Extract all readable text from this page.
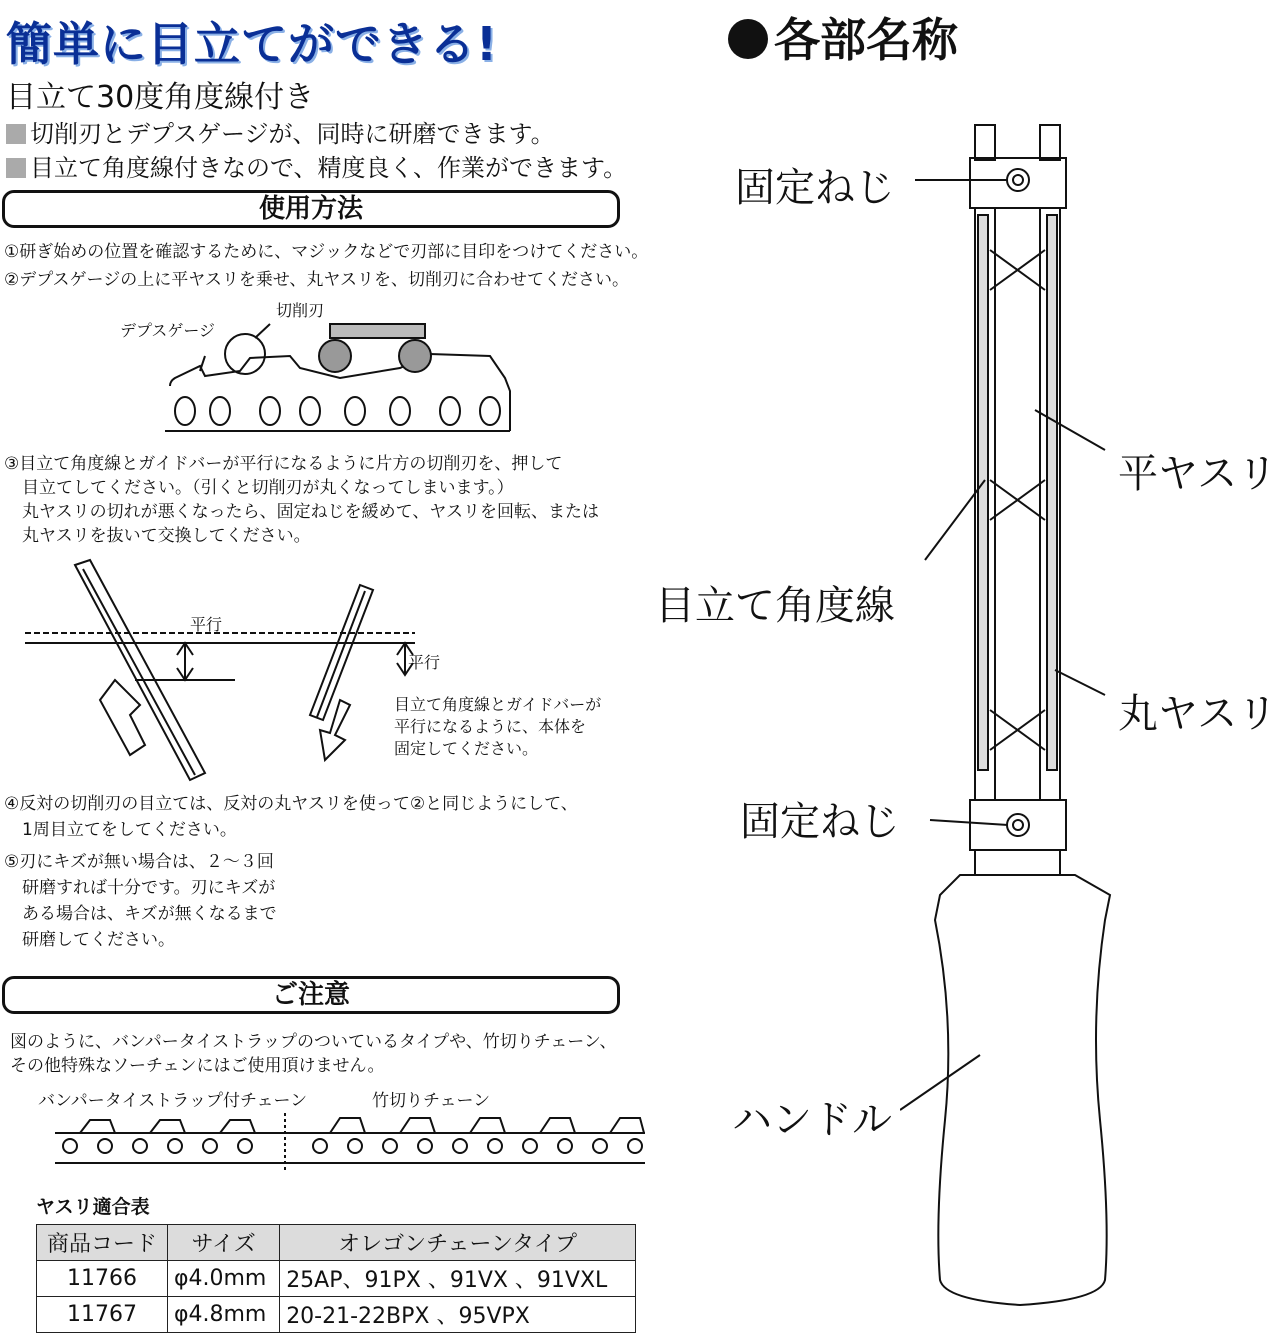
簡単に目立てができる!
目立て30度角度線付き
切削刃とデプスゲージが、同時に研磨できます。
目立て角度線付きなので、精度良く、作業ができます。
使用方法
①研ぎ始めの位置を確認するために、マジックなどで刃部に目印をつけてください。
②デプスゲージの上に平ヤスリを乗せ、丸ヤスリを、切削刃に合わせてください。
デプスゲージ
切削刃
③目立て角度線とガイドバーが平行になるように片方の切削刃を、押して
目立てしてください。（引くと切削刃が丸くなってしまいます。）
丸ヤスリの切れが悪くなったら、固定ねじを緩めて、ヤスリを回転、または
丸ヤスリを抜いて交換してください。
平行
平行
目立て角度線とガイドバーが
平行になるように、本体を
固定してください。
④反対の切削刃の目立ては、反対の丸ヤスリを使って②と同じようにして、
1周目立てをしてください。
⑤刃にキズが無い場合は、２～３回
研磨すれば十分です。刃にキズが
ある場合は、キズが無くなるまで
研磨してください。
ご注意
図のように、バンパータイストラップのついているタイプや、竹切りチェーン、
その他特殊なソーチェンにはご使用頂けません。
バンパータイストラップ付チェーン	竹切りチェーン
ヤスリ適合表
商品コード	サイズ	オレゴンチェーンタイプ
11766	φ4.0mm	25AP、91PX 、91VX 、91VXL
11767	φ4.8mm	20-21-22BPX 、95VPX
各部名称
固定ねじ
平ヤスリ
目立て角度線
丸ヤスリ
固定ねじ
ハンドル
